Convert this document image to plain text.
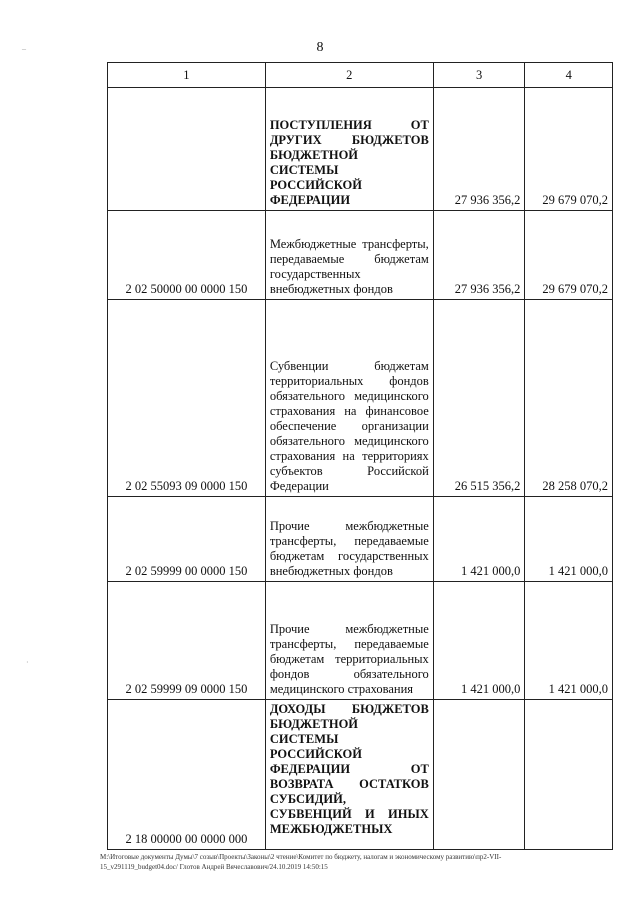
8
1	2	3	4
	ПОСТУПЛЕНИЯ ОТ ДРУГИХ БЮДЖЕТОВ БЮДЖЕТНОЙ СИСТЕМЫ РОССИЙСКОЙ ФЕДЕРАЦИИ	27 936 356,2	29 679 070,2
2 02 50000 00 0000 150	Межбюджетные трансферты, передаваемые бюджетам государственных внебюджетных фондов	27 936 356,2	29 679 070,2
2 02 55093 09 0000 150	Субвенции бюджетам территориальных фондов обязательного медицинского страхования на финансовое обеспечение организации обязательного медицинского страхования на территориях субъектов Российской Федерации	26 515 356,2	28 258 070,2
2 02 59999 00 0000 150	Прочие межбюджетные трансферты, передаваемые бюджетам государственных внебюджетных фондов	1 421 000,0	1 421 000,0
2 02 59999 09 0000 150	Прочие межбюджетные трансферты, передаваемые бюджетам территориальных фондов обязательного медицинского страхования	1 421 000,0	1 421 000,0
2 18 00000 00 0000 000	ДОХОДЫ БЮДЖЕТОВ БЮДЖЕТНОЙ СИСТЕМЫ РОССИЙСКОЙ ФЕДЕРАЦИИ ОТ ВОЗВРАТА ОСТАТКОВ СУБСИДИЙ, СУБВЕНЦИЙ И ИНЫХ МЕЖБЮДЖЕТНЫХ		
–
·
M:\Итоговые документы Думы\7 созыв\Проекты\Законы\2 чтение\Комитет по бюджету, налогам и экономическому развитию\пр2-VII-
15_v291119_budget04.doc/ Глотов Андрей Вячеславович/24.10.2019 14:50:15
